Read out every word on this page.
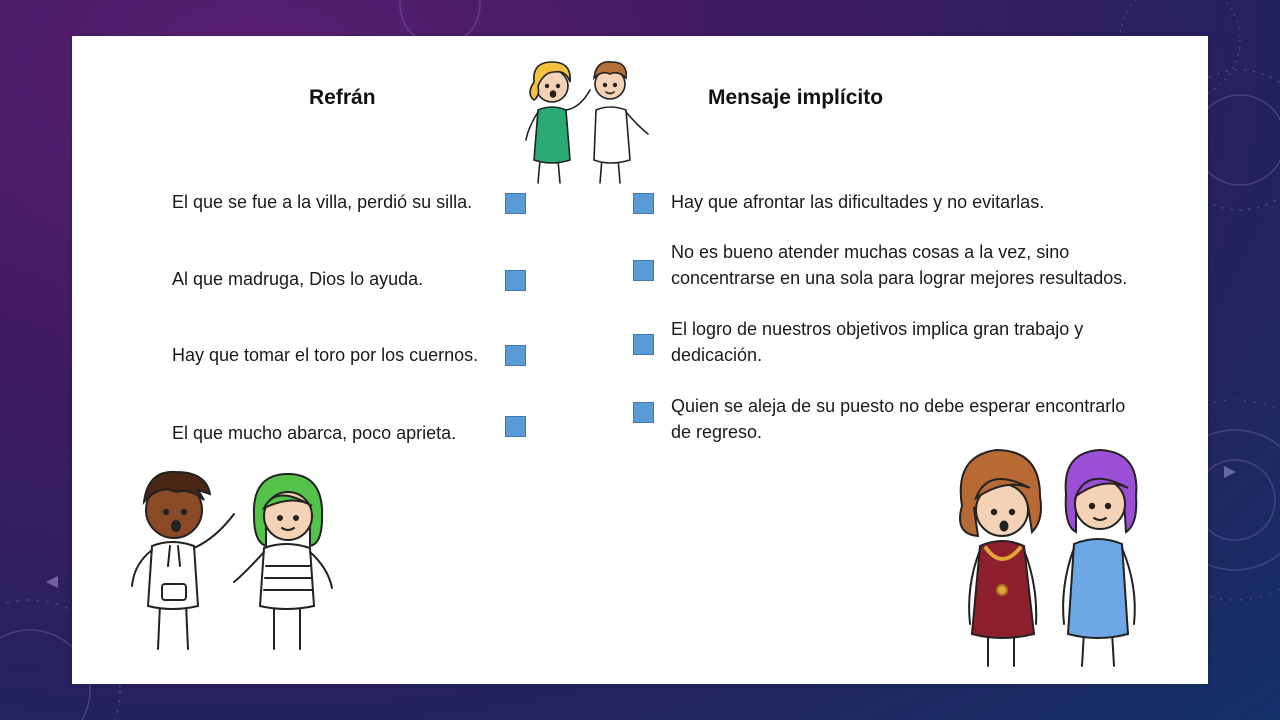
Refrán	Mensaje implícito
El que se fue a la villa, perdió su silla.
Al que madruga, Dios lo ayuda.
Hay que tomar el toro por los cuernos.
El que mucho abarca, poco aprieta.
Hay que afrontar las dificultades y no evitarlas.
No es bueno atender muchas cosas a la vez, sino
concentrarse en una sola para lograr mejores resultados.
El logro de nuestros objetivos implica gran trabajo y
dedicación.
Quien se aleja de su puesto no debe esperar encontrarlo
de regreso.
